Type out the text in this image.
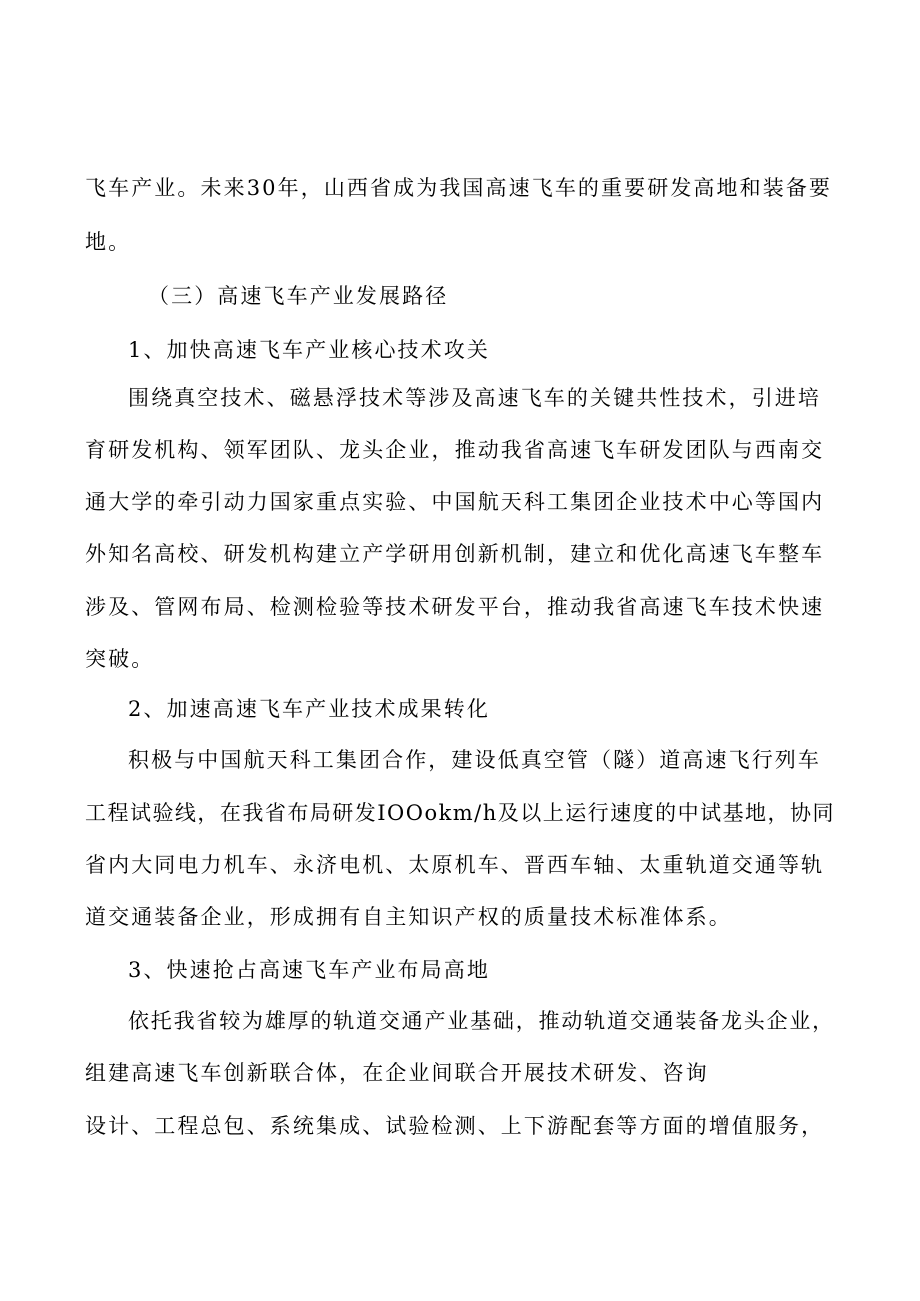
飞车产业。未来30年，山西省成为我国高速飞车的重要研发高地和装备要
地。
（三）高速飞车产业发展路径
1、加快高速飞车产业核心技术攻关
围绕真空技术、磁悬浮技术等涉及高速飞车的关键共性技术，引进培
育研发机构、领军团队、龙头企业，推动我省高速飞车研发团队与西南交
通大学的牵引动力国家重点实验、中国航天科工集团企业技术中心等国内
外知名高校、研发机构建立产学研用创新机制，建立和优化高速飞车整车
涉及、管网布局、检测检验等技术研发平台，推动我省高速飞车技术快速
突破。
2、加速高速飞车产业技术成果转化
积极与中国航天科工集团合作，建设低真空管（隧）道高速飞行列车
工程试验线，在我省布局研发IOOokm/h及以上运行速度的中试基地，协同
省内大同电力机车、永济电机、太原机车、晋西车轴、太重轨道交通等轨
道交通装备企业，形成拥有自主知识产权的质量技术标准体系。
3、快速抢占高速飞车产业布局高地
依托我省较为雄厚的轨道交通产业基础，推动轨道交通装备龙头企业，
组建高速飞车创新联合体，在企业间联合开展技术研发、咨询
设计、工程总包、系统集成、试验检测、上下游配套等方面的增值服务，
